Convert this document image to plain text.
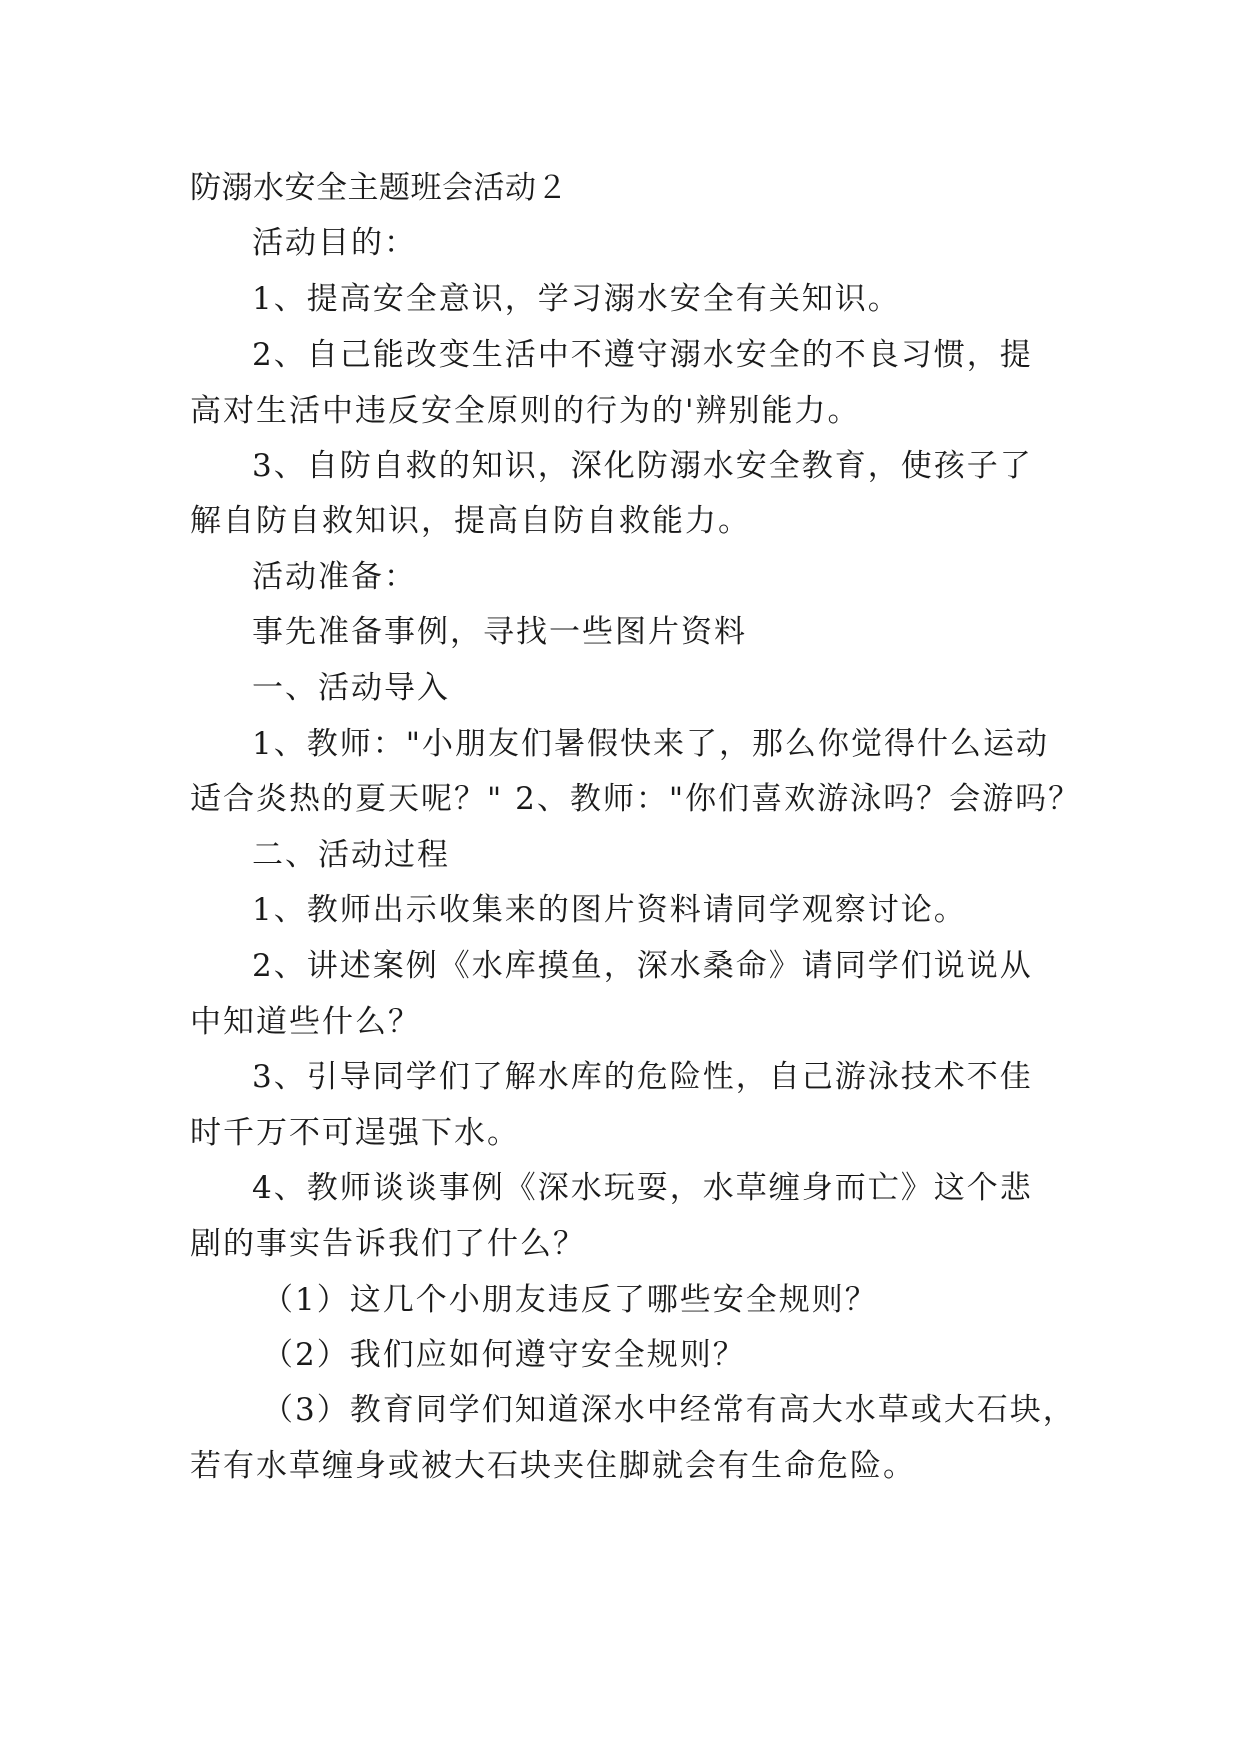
防溺水安全主题班会活动２
活动目的：
1、提高安全意识，学习溺水安全有关知识。
2、自己能改变生活中不遵守溺水安全的不良习惯，提
高对生活中违反安全原则的行为的'辨别能力。
3、自防自救的知识，深化防溺水安全教育，使孩子了
解自防自救知识，提高自防自救能力。
活动准备：
事先准备事例，寻找一些图片资料
一、活动导入
1、教师："小朋友们暑假快来了，那么你觉得什么运动
适合炎热的夏天呢？" 2、教师："你们喜欢游泳吗？会游吗？
二、活动过程
1、教师出示收集来的图片资料请同学观察讨论。
2、讲述案例《水库摸鱼，深水桑命》请同学们说说从
中知道些什么？
3、引导同学们了解水库的危险性，自己游泳技术不佳
时千万不可逞强下水。
4、教师谈谈事例《深水玩耍，水草缠身而亡》这个悲
剧的事实告诉我们了什么？
（1）这几个小朋友违反了哪些安全规则？
（2）我们应如何遵守安全规则？
（3）教育同学们知道深水中经常有高大水草或大石块，
若有水草缠身或被大石块夹住脚就会有生命危险。
